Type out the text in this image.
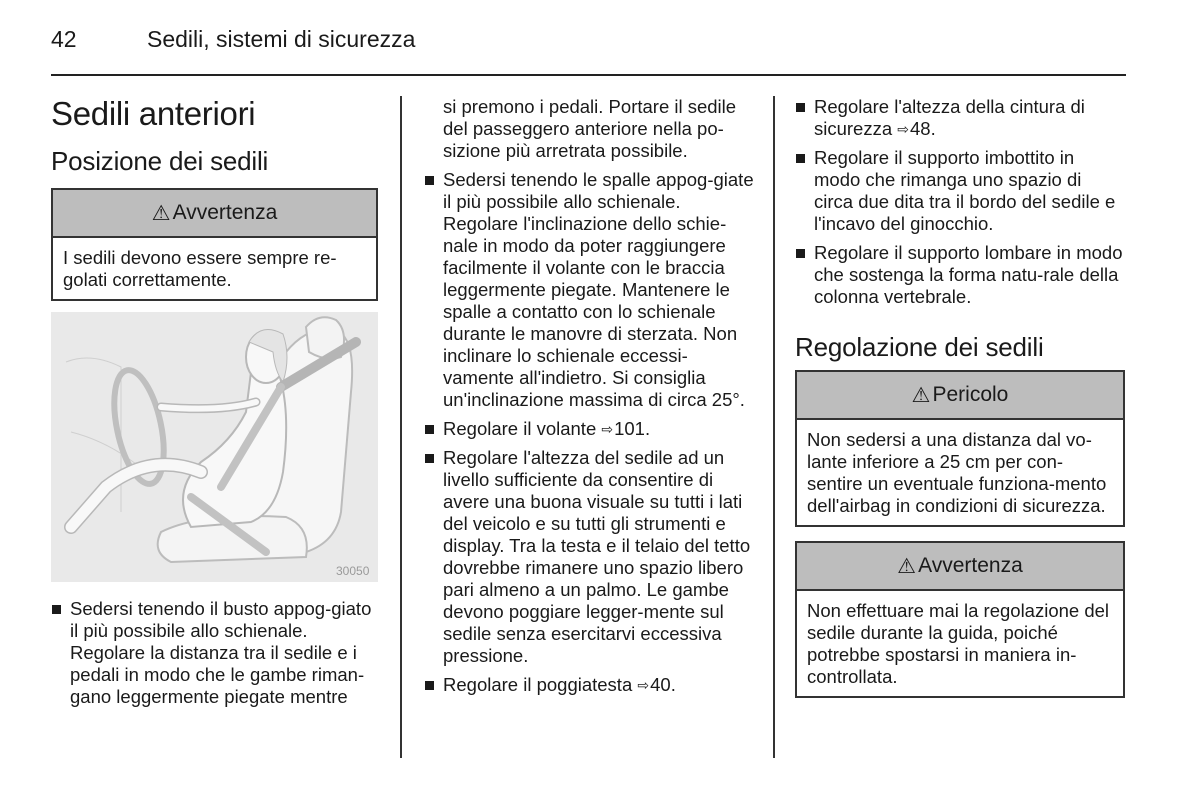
42	Sedili, sistemi di sicurezza
Sedili anteriori
Posizione dei sedili
⚠ Avvertenza
I sedili devono essere sempre re-golati correttamente.
30050
Sedersi tenendo il busto appog-giato il più possibile allo schienale. Regolare la distanza tra il sedile e i pedali in modo che le gambe riman-gano leggermente piegate mentre

si premono i pedali. Portare il sedile del passeggero anteriore nella po-sizione più arretrata possibile.

Sedersi tenendo le spalle appog-giate il più possibile allo schienale. Regolare l'inclinazione dello schie-nale in modo da poter raggiungere facilmente il volante con le braccia leggermente piegate. Mantenere le spalle a contatto con lo schienale durante le manovre di sterzata. Non inclinare lo schienale eccessi-vamente all'indietro. Si consiglia un'inclinazione massima di circa 25°.
Regolare il volante ⇨101.
Regolare l'altezza del sedile ad un livello sufficiente da consentire di avere una buona visuale su tutti i lati del veicolo e su tutti gli strumenti e display. Tra la testa e il telaio del tetto dovrebbe rimanere uno spazio libero pari almeno a un palmo. Le gambe devono poggiare legger-mente sul sedile senza esercitarvi eccessiva pressione.
Regolare il poggiatesta ⇨40.
Regolare l'altezza della cintura di sicurezza ⇨48.
Regolare il supporto imbottito in modo che rimanga uno spazio di circa due dita tra il bordo del sedile e l'incavo del ginocchio.
Regolare il supporto lombare in modo che sostenga la forma natu-rale della colonna vertebrale.
Regolazione dei sedili
⚠ Pericolo
Non sedersi a una distanza dal vo-lante inferiore a 25 cm per con-sentire un eventuale funziona-mento dell'airbag in condizioni di sicurezza.
⚠ Avvertenza
Non effettuare mai la regolazione del sedile durante la guida, poiché potrebbe spostarsi in maniera in-controllata.
